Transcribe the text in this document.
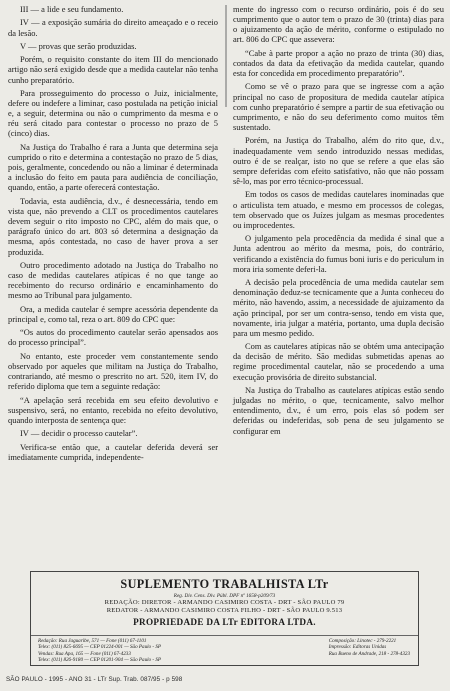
III — a lide e seu fundamento.

IV — a exposição sumária do direito ameaçado e o receio da lesão.

V — provas que serão produzidas.

Porém, o requisito constante do item III do mencionado artigo não será exigido desde que a medida cautelar não tenha cunho preparatório.

Para prosseguimento do processo o Juiz, inicialmente, defere ou indefere a liminar, caso postulada na petição inicial e, a seguir, determina ou não o cumprimento da mesma e o réu será citado para contestar o processo no prazo de 5 (cinco) dias.

Na Justiça do Trabalho é rara a Junta que determina seja cumprido o rito e determina a contestação no prazo de 5 dias, pois, geralmente, concedendo ou não a liminar é determinada a inclusão do feito em pauta para audiência de conciliação, quando, então, a parte oferecerá contestação.

Todavia, esta audiência, d.v., é desnecessária, tendo em vista que, não prevendo a CLT os procedimentos cautelares devem seguir o rito imposto no CPC, além do mais que, o parágrafo único do art. 803 só determina a designação da mesma, após contestada, no caso de haver prova a ser produzida.

Outro procedimento adotado na Justiça do Trabalho no caso de medidas cautelares atípicas é no que tange ao recebimento do recurso ordinário e encaminhamento do mesmo ao Tribunal para julgamento.

Ora, a medida cautelar é sempre acessória dependente da principal e, como tal, reza o art. 809 do CPC que:

“Os autos do procedimento cautelar serão apensados aos do processo principal”.

No entanto, este proceder vem constantemente sendo observado por aqueles que militam na Justiça do Trabalho, contrariando, até mesmo o prescrito no art. 520, item IV, do referido diploma que tem a seguinte redação:

“A apelação será recebida em seu efeito devolutivo e suspensivo, será, no entanto, recebida no efeito devolutivo, quando interposta de sentença que:

IV — decidir o processo cautelar”.

Verifica-se então que, a cautelar deferida deverá ser imediatamente cumprida, independente-

mente do ingresso com o recurso ordinário, pois é do seu cumprimento que o autor tem o prazo de 30 (trinta) dias para o ajuizamento da ação de mérito, conforme o estipulado no art. 806 do CPC que assevera:

“Cabe à parte propor a ação no prazo de trinta (30) dias, contados da data da efetivação da medida cautelar, quando esta for concedida em procedimento preparatório”.

Como se vê o prazo para que se ingresse com a ação principal no caso de propositura de medida cautelar atípica com cunho preparatório é sempre a partir de sua efetivação ou cumprimento, e não do seu deferimento como muitos têm sustentado.

Porém, na Justiça do Trabalho, além do rito que, d.v., inadequadamente vem sendo introduzido nessas medidas, outro é de se realçar, isto no que se refere a que elas são sempre deferidas com efeito satisfativo, não que não possam sê-lo, mas por erro técnico-processual.

Em todos os casos de medidas cautelares inominadas que o articulista tem atuado, e mesmo em processos de colegas, tem observado que os Juízes julgam as mesmas procedentes ou improcedentes.

O julgamento pela procedência da medida é sinal que a Junta adentrou ao mérito da mesma, pois, do contrário, verificando a existência do fumus boni iuris e do periculum in mora iria somente deferi-la.

A decisão pela procedência de uma medida cautelar sem denominação deduz-se tecnicamente que a Junta conheceu do mérito, não havendo, assim, a necessidade de ajuizamento da ação principal, por ser um contra-senso, tendo em vista que, novamente, iria julgar a matéria, portanto, uma dupla decisão para um mesmo pedido.

Com as cautelares atípicas não se obtém uma antecipação da decisão de mérito. São medidas submetidas apenas ao regime procedimental cautelar, não se procedendo a uma execução provisória de direito substancial.

Na Justiça do Trabalho as cautelares atípicas estão sendo julgadas no mérito, o que, tecnicamente, salvo melhor entendimento, d.v., é um erro, pois elas só podem ser deferidas ou indeferidas, sob pena de seu julgamento se configurar em

SUPLEMENTO TRABALHISTA LTr
Reg. Div. Cens. Div. Públ. DPF nº 1658-p209/73
REDAÇÃO: DIRETOR - ARMANDO CASIMIRO COSTA - DRT - SÃO PAULO 79
REDATOR - ARMANDO CASIMIRO COSTA FILHO - DRT - SÃO PAULO 9.513
PROPRIEDADE DA LTr EDITORA LTDA.
Redação: Rua Jaguaribe, 571 — Fone (011) 67-1101
Telex: (011) 825-6695 — CEP 01224-001 — São Paulo - SP
Vendas: Rua Apa, 165 — Fone (011) 67-4233
Telex: (011) 826-9180 — CEP 01201-904 — São Paulo - SP
Composição: Linotec - 279-2221
Impressão: Editoras Unidas
Rua Bueno de Andrade, 218 - 278-4323
SÃO PAULO - 1995 - ANO 31 - LTr Sup. Trab. 087/95 - p 598
